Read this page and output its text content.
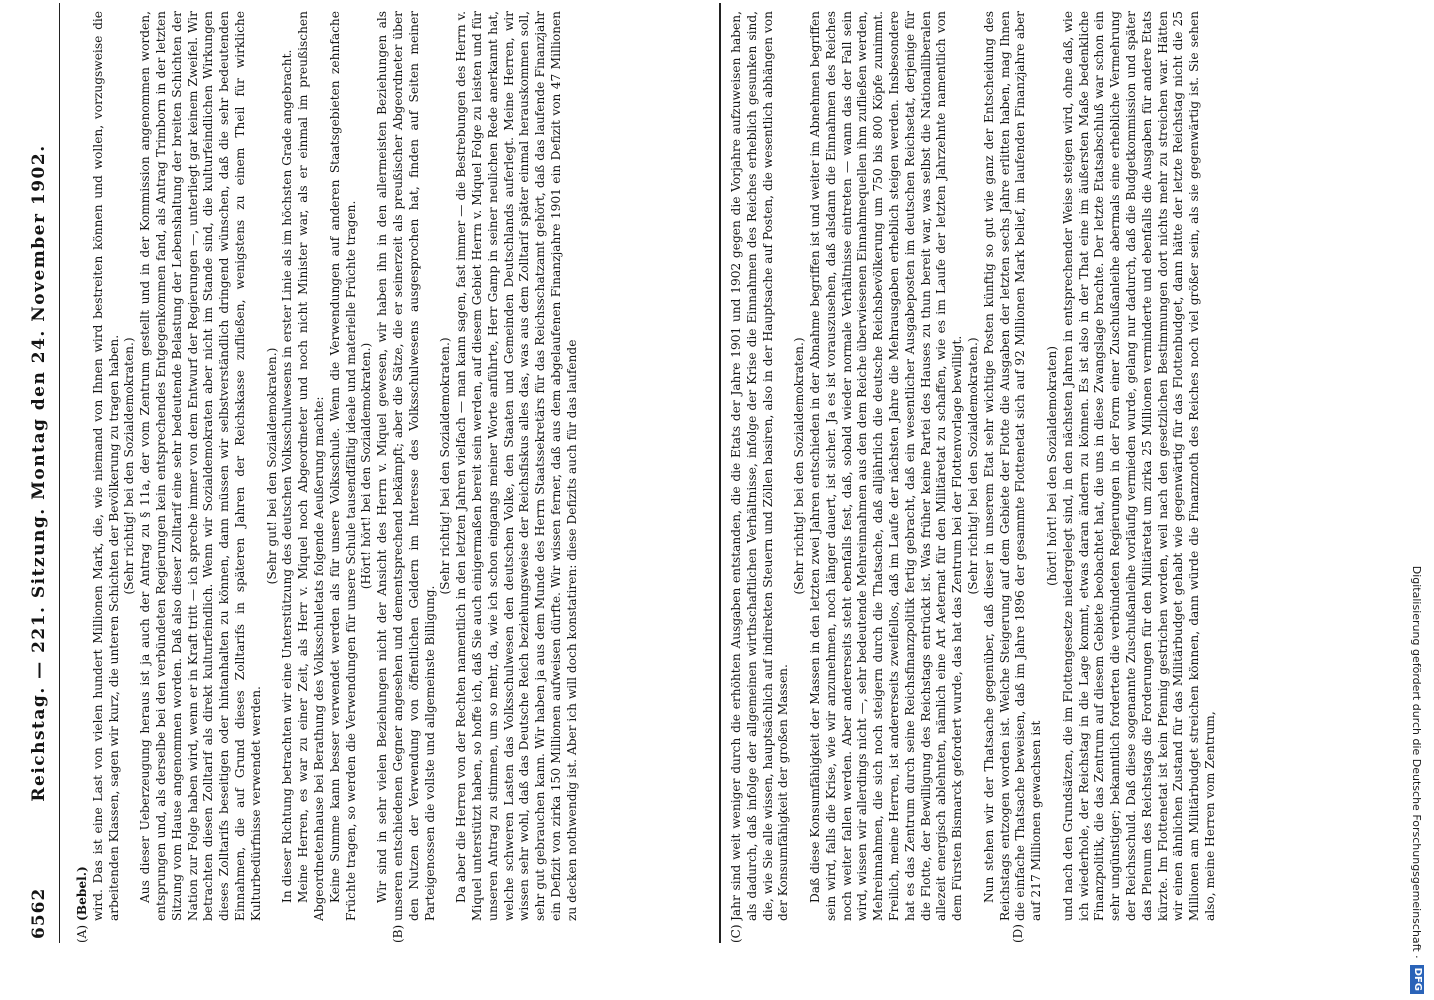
6562
Reichstag. — 221. Sitzung. Montag den 24. November 1902.
(A)	(B)	(C)	(D)

(Bebel.) wird. Das ist eine Last von vielen hundert Millionen Mark, die, wie niemand von Ihnen wird bestreiten können und wollen, vorzugsweise die arbeitenden Klassen, sagen wir kurz, die unteren Schichten der Bevölkerung zu tragen haben. (Sehr richtig! bei den Sozialdemokraten.) Aus dieser Ueberzeugung heraus ist ja auch der Antrag zu § 11a, der vom Zentrum gestellt und in der Kommission angenommen worden, entsprungen und, als derselbe bei den verbündeten Regierungen kein entsprechendes Entgegenkommen fand, als Antrag Trimborn in der letzten Sitzung vom Hause angenommen worden. Daß also dieser Zolltarif eine sehr bedeutende Belastung der Lebenshaltung der breiten Schichten der Nation zur Folge haben wird, wenn er in Kraft tritt — ich spreche immer von dem Entwurf der Regierungen —, unterliegt gar keinem Zweifel. Wir betrachten diesen Zolltarif als direkt kulturfeindlich. Wenn wir Sozialdemokraten aber nicht im Stande sind, die kulturfeindlichen Wirkungen dieses Zolltarifs beseitigen oder hintanhalten zu können, dann müssen wir selbstverständlich dringend wünschen, daß die sehr bedeutenden Einnahmen, die auf Grund dieses Zolltarifs in späteren Jahren der Reichskasse zufließen, wenigstens zu einem Theil für wirkliche Kulturbedürfnisse verwendet werden.

(Sehr gut! bei den Sozialdemokraten.) In dieser Richtung betrachten wir eine Unterstützung des deutschen Volksschulwesens in erster Linie als im höchsten Grade angebracht. Meine Herren, es war zu einer Zeit, als Herr v. Miquel noch Abgeordneter und noch nicht Minister war, als er einmal im preußischen Abgeordnetenhause bei Berathung des Volksschuletats folgende Aeußerung machte: Keine Summe kann besser verwendet werden als für unsere Volksschule. Wenn die Verwendungen auf anderen Staatsgebieten zehnfache Früchte tragen, so werden die Verwendungen für unsere Schule tausendfältig ideale und materielle Früchte tragen. (Hört! hört! bei den Sozialdemokraten.) Wir sind in sehr vielen Beziehungen nicht der Ansicht des Herrn v. Miquel gewesen, wir haben ihn in den allermeisten Beziehungen als unseren entschiedenen Gegner angesehen und dementsprechend bekämpft; aber die Sätze, die er seinerzeit als preußischer Abgeordneter über den Nutzen der Verwendung von öffentlichen Geldern im Interesse des Volksschulwesens ausgesprochen hat, finden auf Seiten meiner Parteigenossen die vollste und allgemeinste Billigung.

(Sehr richtig! bei den Sozialdemokraten.) Da aber die Herren von der Rechten namentlich in den letzten Jahren vielfach — man kann sagen, fast immer — die Bestrebungen des Herrn v. Miquel unterstützt haben, so hoffe ich, daß Sie auch einigermaßen bereit sein werden, auf diesem Gebiet Herrn v. Miquel Folge zu leisten und für unseren Antrag zu stimmen, um so mehr, da, wie ich schon eingangs meiner Worte anführte, Herr Gamp in seiner neulichen Rede anerkannt hat, welche schweren Lasten das Volksschulwesen den deutschen Volke, den Staaten und Gemeinden Deutschlands auferlegt. Meine Herren, wir wissen sehr wohl, daß das Deutsche Reich beziehungsweise der Reichsfiskus alles das, was aus dem Zolltarif später einmal herauskommen soll, sehr gut gebrauchen kann. Wir haben ja aus dem Munde des Herrn Staatssekretärs für das Reichsschatzamt gehört, daß das laufende Finanzjahr ein Defizit von zirka 150 Millionen aufweisen dürfte. Wir wissen ferner, daß aus dem abgelaufenen Finanzjahre 1901 ein Defizit von 47 Millionen zu decken nothwendig ist. Aber ich will doch konstatiren: diese Defizits auch für das laufende	Jahr sind weit weniger durch die erhöhten Ausgaben entstanden, die die Etats der Jahre 1901 und 1902 gegen die Vorjahre aufzuweisen haben, als dadurch, daß infolge der allgemeinen wirthschaftlichen Verhältnisse, infolge der Krise die Einnahmen des Reiches erheblich gesunken sind, die, wie Sie alle wissen, hauptsächlich auf indirekten Steuern und Zöllen basiren, also in der Hauptsache auf Posten, die wesentlich abhängen von der Konsumfähigkeit der großen Massen.

(Sehr richtig! bei den Sozialdemokraten.) Daß diese Konsumfähigkeit der Massen in den letzten zwei Jahren entschieden in der Abnahme begriffen ist und weiter im Abnehmen begriffen sein wird, falls die Krise, wie wir anzunehmen, noch länger dauert, ist sicher. Ja es ist vorauszusehen, daß alsdann die Einnahmen des Reiches noch weiter fallen werden. Aber andererseits steht ebenfalls fest, daß, sobald wieder normale Verhältnisse eintreten — wann das der Fall sein wird, wissen wir allerdings nicht —, sehr bedeutende Mehreinnahmen aus den dem Reiche überwiesenen Einnahmequellen ihm zufließen werden, Mehreinnahmen, die sich noch steigern durch die Thatsache, daß alljährlich die deutsche Reichsbevölkerung um 750 bis 800 Köpfe zunimmt. Freilich, meine Herren, ist andererseits zweifellos, daß im Laufe der nächsten Jahre die Mehrausgaben erheblich steigen werden. Insbesondere hat es das Zentrum durch seine Reichsfinanzpolitik fertig gebracht, daß ein wesentlicher Ausgabeposten im deutschen Reichsetat, derjenige für die Flotte, der Bewilligung des Reichstags entrückt ist. Was früher keine Partei des Hauses zu thun bereit war, was selbst die Nationalliberalen allezeit energisch ablehnten, nämlich eine Art Aeternat für den Militäretat zu schaffen, wie es im Laufe der letzten Jahrzehnte namentlich von dem Fürsten Bismarck gefordert wurde, das hat das Zentrum bei der Flottenvorlage bewilligt. (Sehr richtig! bei den Sozialdemokraten.) Nun stehen wir der Thatsache gegenüber, daß dieser in unserem Etat sehr wichtige Posten künftig so gut wie ganz der Entscheidung des Reichstags entzogen worden ist. Welche Steigerung auf dem Gebiete der Flotte die Ausgaben der letzten sechs Jahre erlitten haben, mag Ihnen die einfache Thatsache beweisen, daß im Jahre 1896 der gesammte Flottenetat sich auf 92 Millionen Mark belief, im laufenden Finanzjahre aber auf 217 Millionen gewachsen ist

(hört! hört! bei den Sozialdemokraten) und nach den Grundsätzen, die im Flottengesetze niedergelegt sind, in den nächsten Jahren in entsprechender Weise steigen wird, ohne daß, wie ich wiederhole, der Reichstag in die Lage kommt, etwas daran ändern zu können. Es ist also in der That eine im äußersten Maße bedenkliche Finanzpolitik, die das Zentrum auf diesem Gebiete beobachtet hat, die uns in diese Zwangslage brachte. Der letzte Etatsabschluß war schon ein sehr ungünstiger; bekanntlich forderten die verbündeten Regierungen in der Form einer Zuschußanleihe abermals eine erhebliche Vermehrung der Reichsschuld. Daß diese sogenannte Zuschußanleihe vorläufig vermieden wurde, gelang nur dadurch, daß die Budgetkommission und später das Plenum des Reichstags die Forderungen für den Militäretat um zirka 25 Millionen verminderte und ebenfalls die Ausgaben für andere Etats kürzte. Im Flottenetat ist kein Pfennig gestrichen worden, weil nach den gesetzlichen Bestimmungen dort nichts mehr zu streichen war. Hätten wir einen ähnlichen Zustand für das Militärbudget gehabt wie gegenwärtig für das Flottenbudget, dann hätte der letzte Reichstag nicht die 25 Millionen am Militärbudget streichen können, dann würde die Finanznoth des Reiches noch viel größer sein, als sie gegenwärtig ist. Sie sehen also, meine Herren vom Zentrum,	Digitalisierung gefördert durch die Deutsche Forschungsgemeinschaft ·
DFG
